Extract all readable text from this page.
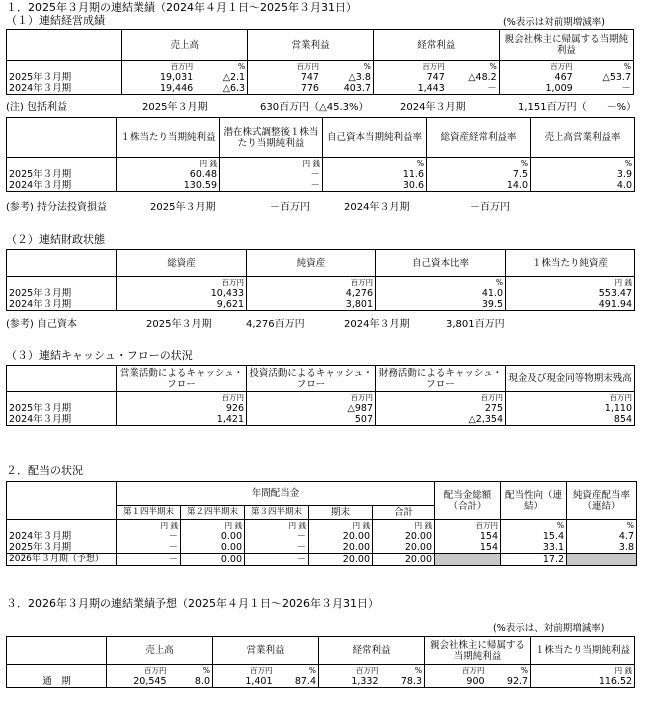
１．2025年３月期の連結業績（2024年４月１日～2025年３月31日）
（１）連結経営成績	(%表示は対前期増減率)
	売上高		営業利益		経常利益		親会社株主に帰属する当期純利益	
	百万円	%	百万円	%	百万円	%	百万円	%
2025年３月期	19,031	△2.1	747	△3.8	747	△48.2	467	△53.7
2024年３月期	19,446	△6.3	776	403.7	1,443	－	1,009	－
(注) 包括利益	2025年３月期	630百万円（△45.3%）	2024年３月期	1,151百万円（　　－%）
	１株当たり当期純利益	潜在株式調整後１株当たり当期純利益	自己資本当期純利益率	総資産経常利益率	売上高営業利益率
	円 銭	円 銭	%	%	%
2025年３月期	60.48	－	11.6	7.5	3.9
2024年３月期	130.59	－	30.6	14.0	4.0
(参考) 持分法投資損益	2025年３月期	－百万円	2024年３月期	－百万円
（２）連結財政状態
	総資産	純資産	自己資本比率	１株当たり純資産
	百万円	百万円	%	円 銭
2025年３月期	10,433	4,276	41.0	553.47
2024年３月期	9,621	3,801	39.5	491.94
(参考) 自己資本	2025年３月期	4,276百万円	2024年３月期	3,801百万円
（３）連結キャッシュ・フローの状況
	営業活動によるキャッシュ・フロー	投資活動によるキャッシュ・フロー	財務活動によるキャッシュ・フロー	現金及び現金同等物期末残高
	百万円	百万円	百万円	百万円
2025年３月期	926	△987	275	1,110
2024年３月期	1,421	507	△2,354	854
２．配当の状況
	年間配当金					配当金総額（合計）	配当性向（連結）	純資産配当率（連結）
	第１四半期末	第２四半期末	第３四半期末	期末	合計			
	円 銭	円 銭	円 銭	円 銭	円 銭	百万円	%	%
2024年３月期	－	0.00	－	20.00	20.00	154	15.4	4.7
2025年３月期	－	0.00	－	20.00	20.00	154	33.1	3.8
2026年３月期（予想）	－	0.00	－	20.00	20.00		17.2	
３．2026年３月期の連結業績予想（2025年４月１日～2026年３月31日）
(%表示は、対前期増減率)
	売上高		営業利益		経常利益		親会社株主に帰属する当期純利益		１株当たり当期純利益
	百万円	%	百万円	%	百万円	%	百万円	%	円 銭
通　期	20,545	8.0	1,401	87.4	1,332	78.3	900	92.7	116.52
